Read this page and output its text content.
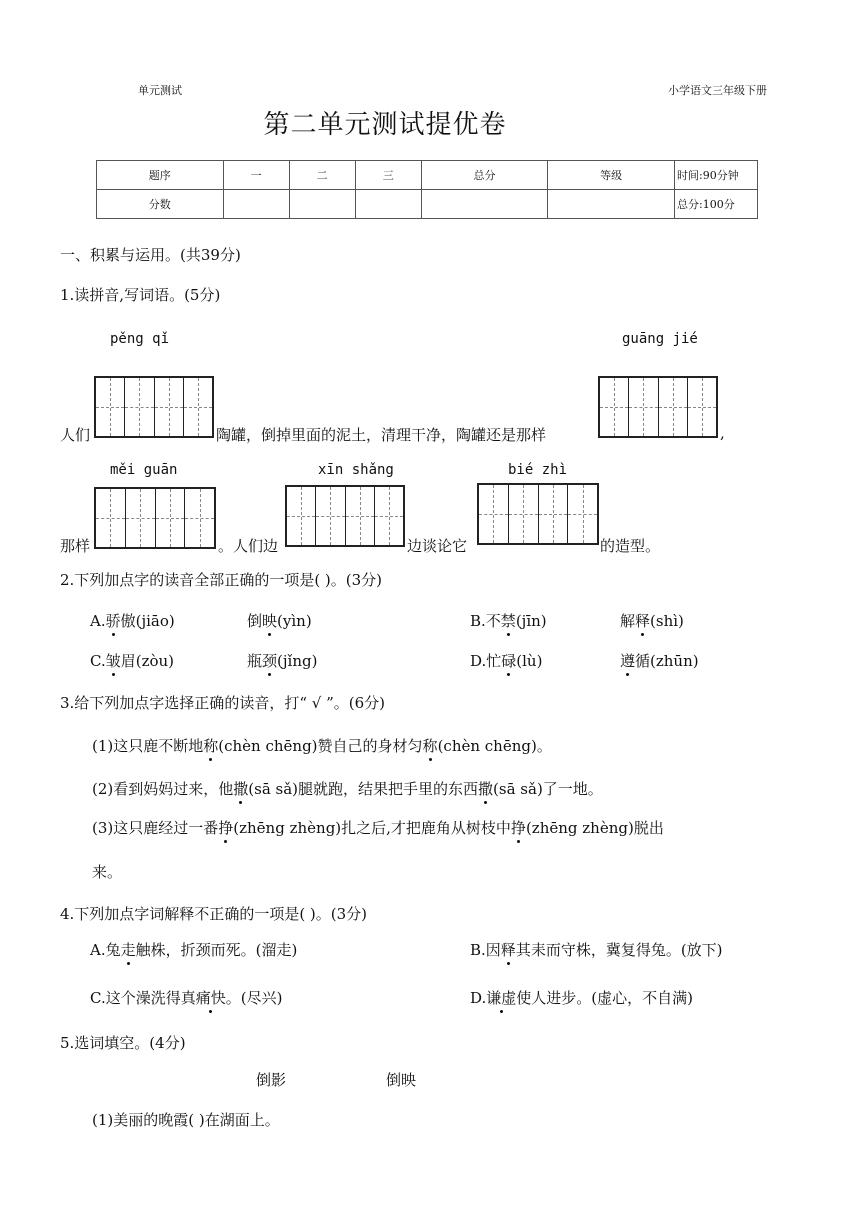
单元测试	小学语文三年级下册
第二单元测试提优卷
题序	一	二	三	总分	等级	时间:90分钟
分数						总分:100分
一、积累与运用。(共39分)
1.读拼音,写词语。(5分)
pěng qǐ	guāng jié
人们	陶罐，倒掉里面的泥土，清理干净，陶罐还是那样	,
měi guān	xīn shǎng	bié zhì
那样	。人们边	边谈论它	的造型。
2.下列加点字的读音全部正确的一项是( )。(3分)
A.骄傲(jiāo)	倒映(yìn)	B.不禁(jīn)	解释(shì)
C.皱眉(zòu)	瓶颈(jǐng)	D.忙碌(lù)	遵循(zhūn)
3.给下列加点字选择正确的读音，打“ √ ”。(6分)
(1)这只鹿不断地称(chèn chēng)赞自己的身材匀称(chèn chēng)。
(2)看到妈妈过来，他撒(sā sǎ)腿就跑，结果把手里的东西撒(sā sǎ)了一地。
(3)这只鹿经过一番挣(zhēng zhèng)扎之后,才把鹿角从树枝中挣(zhēng zhèng)脱出
来。
4.下列加点字词解释不正确的一项是( )。(3分)
A.兔走触株，折颈而死。(溜走)	B.因释其耒而守株，冀复得兔。(放下)
C.这个澡洗得真痛快。(尽兴)	D.谦虚使人进步。(虚心，不自满)
5.选词填空。(4分)
倒影	倒映
(1)美丽的晚霞( )在湖面上。
